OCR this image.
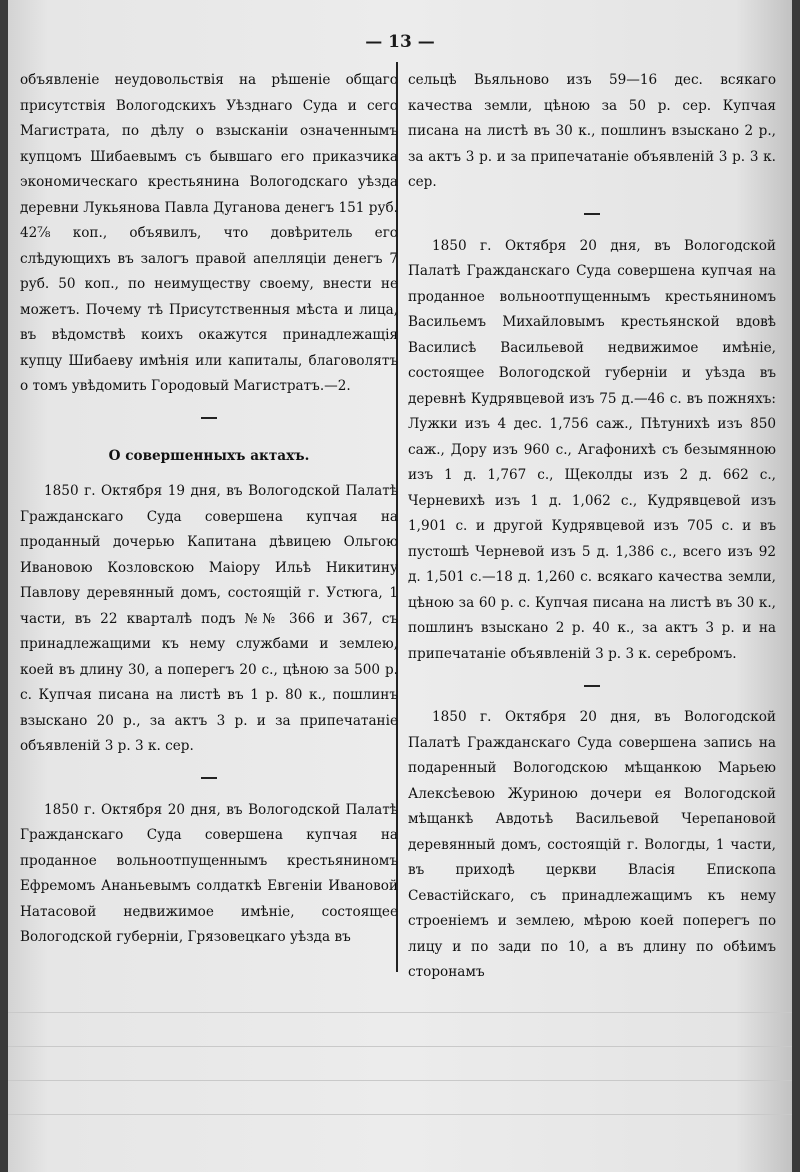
— 13 —

объявленіе неудовольствія на рѣшеніе общаго присутствія Вологодскихъ Уѣзднаго Суда и сего Магистрата, по дѣлу о взысканіи означеннымъ купцомъ Шибаевымъ съ бывшаго его приказчика экономическаго крестьянина Вологодскаго уѣзда деревни Лукьянова Павла Дуганова денегъ 151 руб. 42⅞ коп., объявилъ, что довѣритель его слѣдующихъ въ залогъ правой апелляціи денегъ 7 руб. 50 коп., по неимуществу своему, внести не можетъ. Почему тѣ Присутственныя мѣста и лица, въ вѣдомствѣ коихъ окажутся принадлежащія купцу Шибаеву имѣнія или капиталы, благоволятъ о томъ увѣдомить Городовый Магистратъ.—2.

О совершенныхъ актахъ.

1850 г. Октября 19 дня, въ Вологодской Палатѣ Гражданскаго Суда совершена купчая на проданный дочерью Капитана дѣвицею Ольгою Ивановою Козловскою Маіору Ильѣ Никитину Павлову деревянный домъ, состоящій г. Устюга, 1 части, въ 22 кварталѣ подъ №№ 366 и 367, съ принадлежащими къ нему службами и землею, коей въ длину 30, а поперегъ 20 с., цѣною за 500 р. с. Купчая писана на листѣ въ 1 р. 80 к., пошлинъ взыскано 20 р., за актъ 3 р. и за припечатаніе объявленій 3 р. 3 к. сер.

1850 г. Октября 20 дня, въ Вологодской Палатѣ Гражданскаго Суда совершена купчая на проданное вольноотпущеннымъ крестьяниномъ Ефремомъ Ананьевымъ солдаткѣ Евгеніи Ивановой Натасовой недвижимое имѣніе, состоящее Вологодской губерніи, Грязовецкаго уѣзда въ

сельцѣ Вьяльново изъ 59—16 дес. всякаго качества земли, цѣною за 50 р. сер. Купчая писана на листѣ въ 30 к., пошлинъ взыскано 2 р., за актъ 3 р. и за припечатаніе объявленій 3 р. 3 к. сер.

1850 г. Октября 20 дня, въ Вологодской Палатѣ Гражданскаго Суда совершена купчая на проданное вольноотпущеннымъ крестьяниномъ Васильемъ Михайловымъ крестьянской вдовѣ Василисѣ Васильевой недвижимое имѣніе, состоящее Вологодской губерніи и уѣзда въ деревнѣ Кудрявцевой изъ 75 д.—46 с. въ пожняхъ: Лужки изъ 4 дес. 1,756 саж., Пѣтунихѣ изъ 850 саж., Дору изъ 960 с., Агафонихѣ съ безымянною изъ 1 д. 1,767 с., Щеколды изъ 2 д. 662 с., Черневихѣ изъ 1 д. 1,062 с., Кудрявцевой изъ 1,901 с. и другой Кудрявцевой изъ 705 с. и въ пустошѣ Черневой изъ 5 д. 1,386 с., всего изъ 92 д. 1,501 с.—18 д. 1,260 с. всякаго качества земли, цѣною за 60 р. с. Купчая писана на листѣ въ 30 к., пошлинъ взыскано 2 р. 40 к., за актъ 3 р. и на припечатаніе объявленій 3 р. 3 к. серебромъ.

1850 г. Октября 20 дня, въ Вологодской Палатѣ Гражданскаго Суда совершена запись на подаренный Вологодскою мѣщанкою Марьею Алексѣевою Журиною дочери ея Вологодской мѣщанкѣ Авдотьѣ Васильевой Черепановой деревянный домъ, состоящій г. Вологды, 1 части, въ приходѣ церкви Власія Епископа Севастійскаго, съ принадлежащимъ къ нему строеніемъ и землею, мѣрою коей поперегъ по лицу и по зади по 10, а въ длину по обѣимъ сторонамъ
